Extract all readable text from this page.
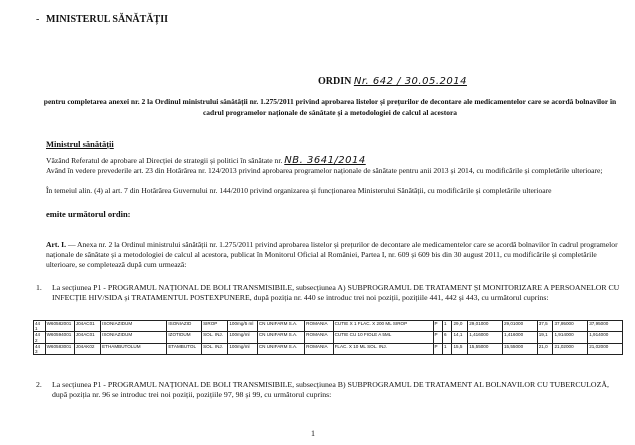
- MINISTERUL SĂNĂTĂȚII
ORDIN Nr. 642 / 30.05.2014
pentru completarea anexei nr. 2 la Ordinul ministrului sănătății nr. 1.275/2011 privind aprobarea listelor și prețurilor de decontare ale medicamentelor care se acordă bolnavilor în cadrul programelor naționale de sănătate și a metodologiei de calcul al acestora
Ministrul sănătății
Văzând Referatul de aprobare al Direcției de strategii și politici în sănătate nr. NB. 3641/2014
Având în vedere prevederile art. 23 din Hotărârea nr. 124/2013 privind aprobarea programelor naționale de sănătate pentru anii 2013 și 2014, cu modificările și completările ulterioare;
În temeiul alin. (4) al art. 7 din Hotărârea Guvernului nr. 144/2010 privind organizarea și funcționarea Ministerului Sănătății, cu modificările și completările ulterioare
emite următorul ordin:
Art. I. — Anexa nr. 2 la Ordinul ministrului sănătății nr. 1.275/2011 privind aprobarea listelor și prețurilor de decontare ale medicamentelor care se acordă bolnavilor în cadrul programelor naționale de sănătate și a metodologiei de calcul al acestora, publicat în Monitorul Oficial al României, Partea I, nr. 609 și 609 bis din 30 august 2011, cu modificările și completările ulterioare, se completează după cum urmează:
1. La secțiunea P1 - PROGRAMUL NAȚIONAL DE BOLI TRANSMISIBILE, subsecțiunea A) SUBPROGRAMUL DE TRATAMENT ȘI MONITORIZARE A PERSOANELOR CU INFECȚIE HIV/SIDA și TRATAMENTUL POSTEXPUNERE, după poziția nr. 440 se introduc trei noi poziții, pozițiile 441, 442 și 443, cu următorul cuprins:
44
1	W60582001	J04AC01	ISONIAZIDUM	ISONIAZID	SIROP	100mg/5 ml	CN UNIFARM S.A.	ROMANIA	CUTIE X 1 FLAC. X 200 ML SIROP	P	1	29,0	29,01000	29,01000	37,5	37,95000	37,95000
44
2	W60594001	J04AC01	ISONIAZIDUM	IZOTIDUM	SOL. INJ.	100mg/ml	CN UNIFARM S.A.	ROMANIA	CUTIE CU 10 FIOLE A 5ML	P	6	14,1	1,416000	1,416000	19,1	1,914000	1,914000
44
3	W60583001	J04AK02	ETHAMBUTOLUM	ETAMBUTOL	SOL. INJ.	100mg/ml	CN UNIFARM S.A.	ROMANIA	FLAC. X 10 ML SOL. INJ.	P	1	15,5	15,55000	15,55000	21,0	21,02000	21,02000
2. La secțiunea P1 - PROGRAMUL NAȚIONAL DE BOLI TRANSMISIBILE, subsecțiunea B) SUBPROGRAMUL DE TRATAMENT AL BOLNAVILOR CU TUBERCULOZĂ, după poziția nr. 96 se introduc trei noi poziții, pozițiile 97, 98 și 99, cu următorul cuprins:
1
